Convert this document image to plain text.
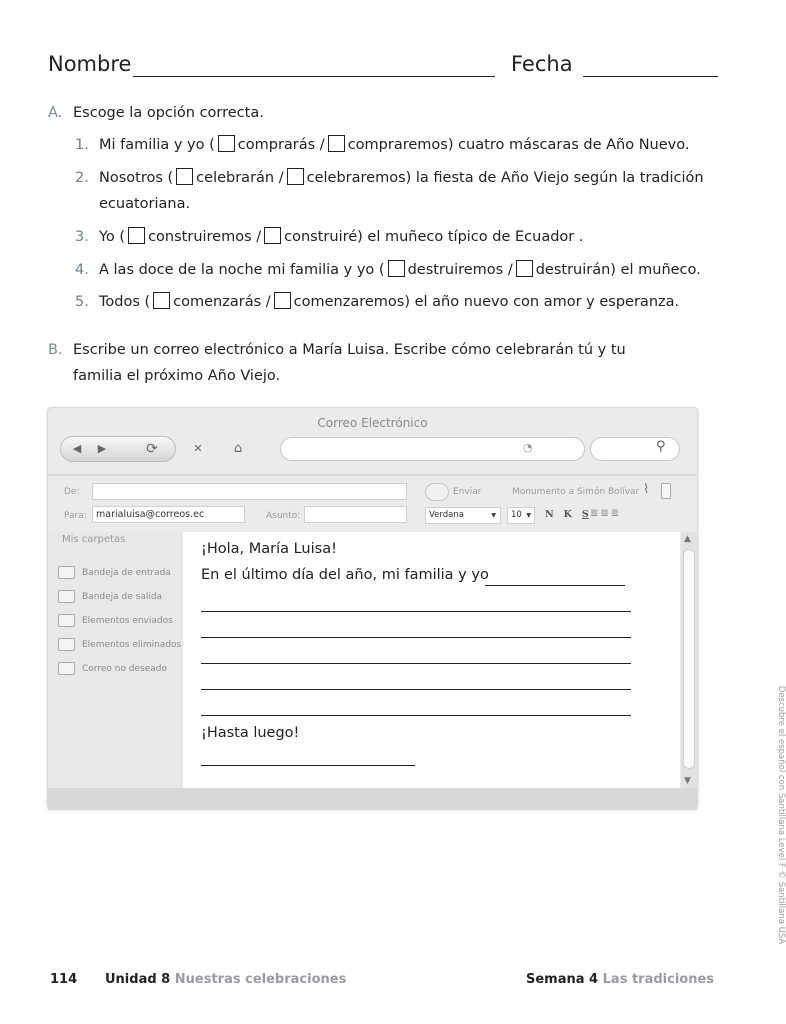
Nombre	Fecha
A. Escoge la opción correcta.
1. Mi familia y yo ( comprarás / compraremos) cuatro máscaras de Año Nuevo.
2. Nosotros ( celebrarán / celebraremos) la fiesta de Año Viejo según la tradición
ecuatoriana.
3. Yo ( construiremos / construiré) el muñeco típico de Ecuador .
4. A las doce de la noche mi familia y yo ( destruiremos / destruirán) el muñeco.
5. Todos ( comenzarás / comenzaremos) el año nuevo con amor y esperanza.
B. Escribe un correo electrónico a María Luisa. Escribe cómo celebrarán tú y tu
familia el próximo Año Viejo.
Correo Electrónico
◀	▶	⟳	✕	⌂	◔	⚲
De:	Enviar	Monumento a Simón Bolívar ⌇
Para: marialuisa@correos.ec	Asunto:	Verdana	▼	10 ▼ N K S ≣≣≣
Mis carpetas
Bandeja de entrada
Bandeja de salida
Elementos enviados
Elementos eliminados
Correo no deseado
¡Hola, María Luisa!
En el último día del año, mi familia y yo
¡Hasta luego!
▲
▼	Descubre el español con Santillana Level F © Santillana USA
114 Unidad 8 Nuestras celebraciones	Semana 4 Las tradiciones
